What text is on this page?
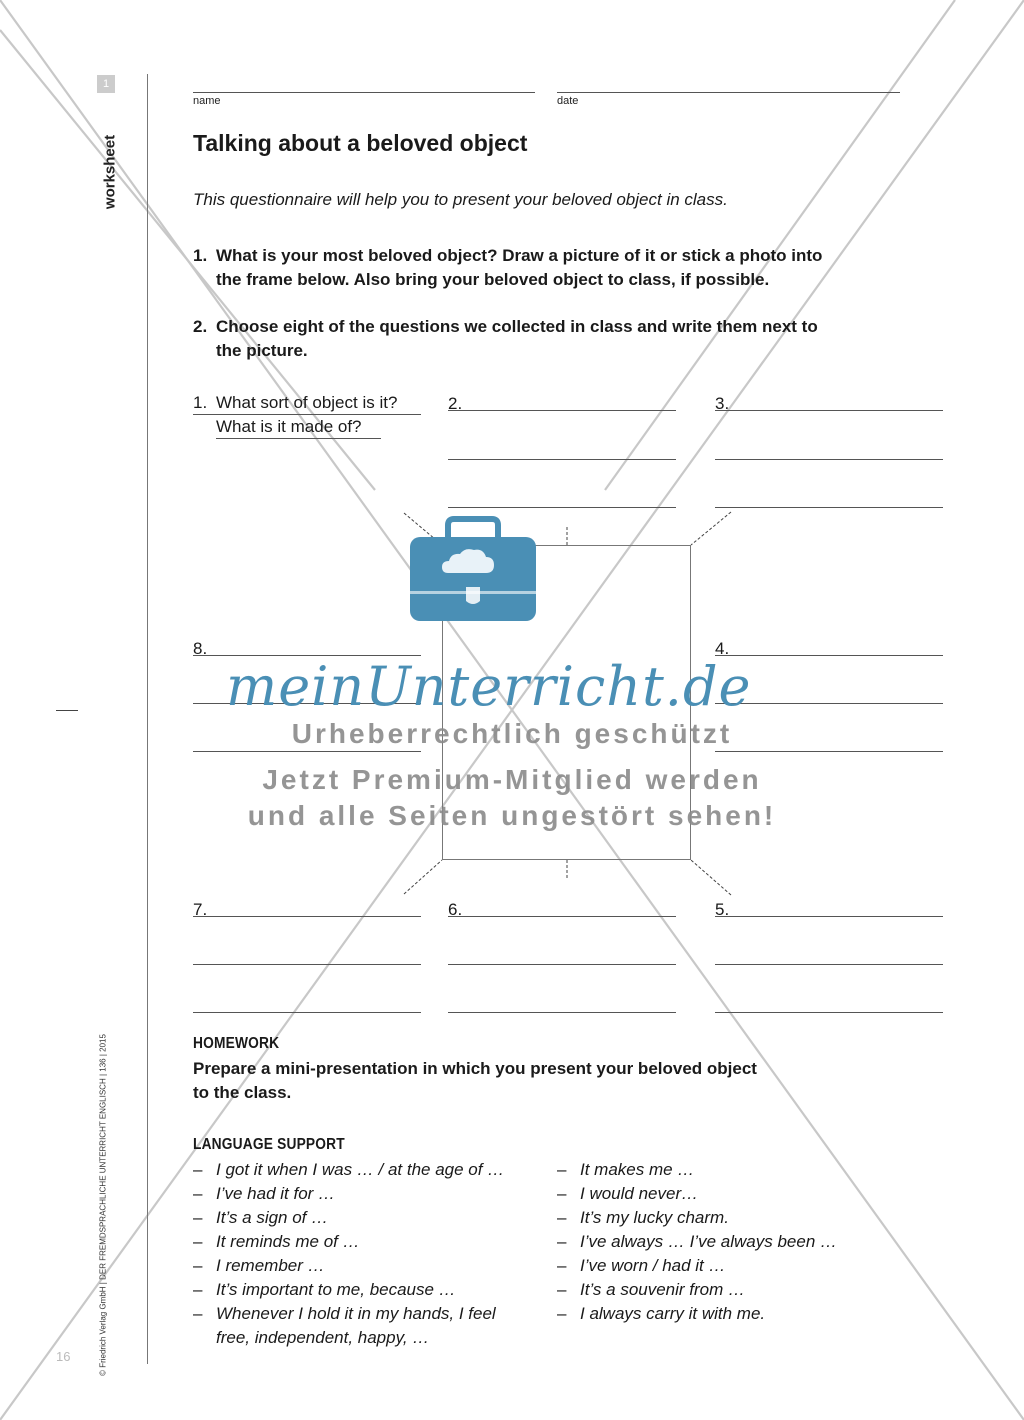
1
worksheet
© Friedrich Verlag GmbH | DER FREMDSPRACHLICHE UNTERRICHT ENGLISCH | 136 | 2015
16
name	date
Talking about a beloved object
This questionnaire will help you to present your beloved object in class.
1. What is your most beloved object? Draw a picture of it or stick a photo into
the frame below. Also bring your beloved object to class, if possible.
2. Choose eight of the questions we collected in class and write them next to
the picture.
1. What sort of object is it?
What is it made of?
2.	3.
8.	4.
7.	6.	5.
HOMEWORK
Prepare a mini-presentation in which you present your beloved object
to the class.
LANGUAGE SUPPORT
– I got it when I was … / at the age of …
– I’ve had it for …
– It’s a sign of …
– It reminds me of …
– I remember …
– It’s important to me, because …
– Whenever I hold it in my hands, I feel
free, independent, happy, …
– It makes me …
– I would never…
– It’s my lucky charm.
– I’ve always … I’ve always been …
– I’ve worn / had it …
– It’s a souvenir from …
– I always carry it with me.
meinUnterricht.de
Urheberrechtlich geschützt
Jetzt Premium-Mitglied werden
und alle Seiten ungestört sehen!
